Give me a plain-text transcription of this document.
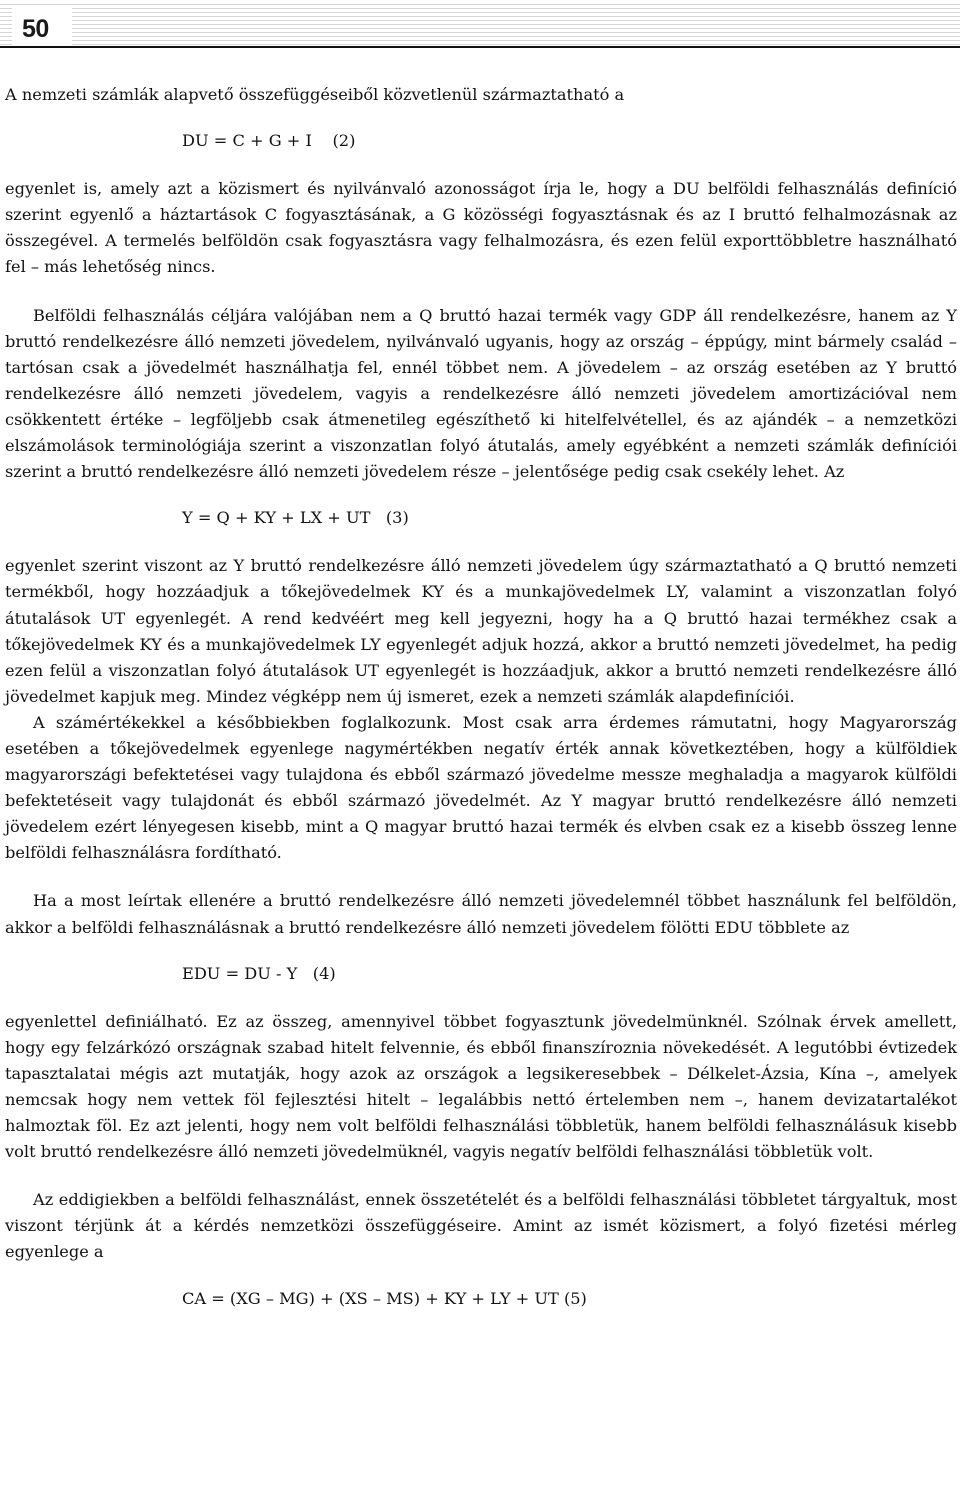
50

A nemzeti számlák alapvető összefüggéseiből közvetlenül származtatható a

DU = C + G + I    (2)

egyenlet is, amely azt a közismert és nyilvánvaló azonosságot írja le, hogy a DU belföldi felhasználás definíció szerint egyenlő a háztartások C fogyasztásának, a G közösségi fogyasztásnak és az I bruttó felhalmozásnak az összegével. A termelés belföldön csak fogyasztásra vagy felhalmozásra, és ezen felül exporttöbbletre használható fel – más lehetőség nincs.

Belföldi felhasználás céljára valójában nem a Q bruttó hazai termék vagy GDP áll rendelkezésre, hanem az Y bruttó rendelkezésre álló nemzeti jövedelem, nyilvánvaló ugyanis, hogy az ország – éppúgy, mint bármely család – tartósan csak a jövedelmét használhatja fel, ennél többet nem. A jövedelem – az ország esetében az Y bruttó rendelkezésre álló nemzeti jövedelem, vagyis a rendelkezésre álló nemzeti jövedelem amortizációval nem csökkentett értéke – legföljebb csak átmenetileg egészíthető ki hitelfelvétellel, és az ajándék – a nemzetközi elszámolások terminológiája szerint a viszonzatlan folyó átutalás, amely egyébként a nemzeti számlák definíciói szerint a bruttó rendelkezésre álló nemzeti jövedelem része – jelentősége pedig csak csekély lehet. Az

Y = Q + KY + LX + UT   (3)

egyenlet szerint viszont az Y bruttó rendelkezésre álló nemzeti jövedelem úgy származtatható a Q bruttó nemzeti termékből, hogy hozzáadjuk a tőkejövedelmek KY és a munkajövedelmek LY, valamint a viszonzatlan folyó átutalások UT egyenlegét. A rend kedvéért meg kell jegyezni, hogy ha a Q bruttó hazai termékhez csak a tőkejövedelmek KY és a munkajövedelmek LY egyenlegét adjuk hozzá, akkor a bruttó nemzeti jövedelmet, ha pedig ezen felül a viszonzatlan folyó átutalások UT egyenlegét is hozzáadjuk, akkor a bruttó nemzeti rendelkezésre álló jövedelmet kapjuk meg. Mindez végképp nem új ismeret, ezek a nemzeti számlák alapdefiníciói.

A számértékekkel a későbbiekben foglalkozunk. Most csak arra érdemes rámutatni, hogy Magyarország esetében a tőkejövedelmek egyenlege nagymértékben negatív érték annak következtében, hogy a külföldiek magyarországi befektetései vagy tulajdona és ebből származó jövedelme messze meghaladja a magyarok külföldi befektetéseit vagy tulajdonát és ebből származó jövedelmét. Az Y magyar bruttó rendelkezésre álló nemzeti jövedelem ezért lényegesen kisebb, mint a Q magyar bruttó hazai termék és elvben csak ez a kisebb összeg lenne belföldi felhasználásra fordítható.

Ha a most leírtak ellenére a bruttó rendelkezésre álló nemzeti jövedelemnél többet használunk fel belföldön, akkor a belföldi felhasználásnak a bruttó rendelkezésre álló nemzeti jövedelem fölötti EDU többlete az

EDU = DU - Y   (4)

egyenlettel definiálható. Ez az összeg, amennyivel többet fogyasztunk jövedelmünknél. Szólnak érvek amellett, hogy egy felzárkózó országnak szabad hitelt felvennie, és ebből finanszíroznia növekedését. A legutóbbi évtizedek tapasztalatai mégis azt mutatják, hogy azok az országok a legsikeresebbek – Délkelet-Ázsia, Kína –, amelyek nemcsak hogy nem vettek föl fejlesztési hitelt – legalábbis nettó értelemben nem –, hanem devizatartalékot halmoztak föl. Ez azt jelenti, hogy nem volt belföldi felhasználási többletük, hanem belföldi felhasználásuk kisebb volt bruttó rendelkezésre álló nemzeti jövedelmüknél, vagyis negatív belföldi felhasználási többletük volt.

Az eddigiekben a belföldi felhasználást, ennek összetételét és a belföldi felhasználási többletet tárgyaltuk, most viszont térjünk át a kérdés nemzetközi összefüggéseire. Amint az ismét közismert, a folyó fizetési mérleg egyenlege a

CA = (XG – MG) + (XS – MS) + KY + LY + UT (5)
